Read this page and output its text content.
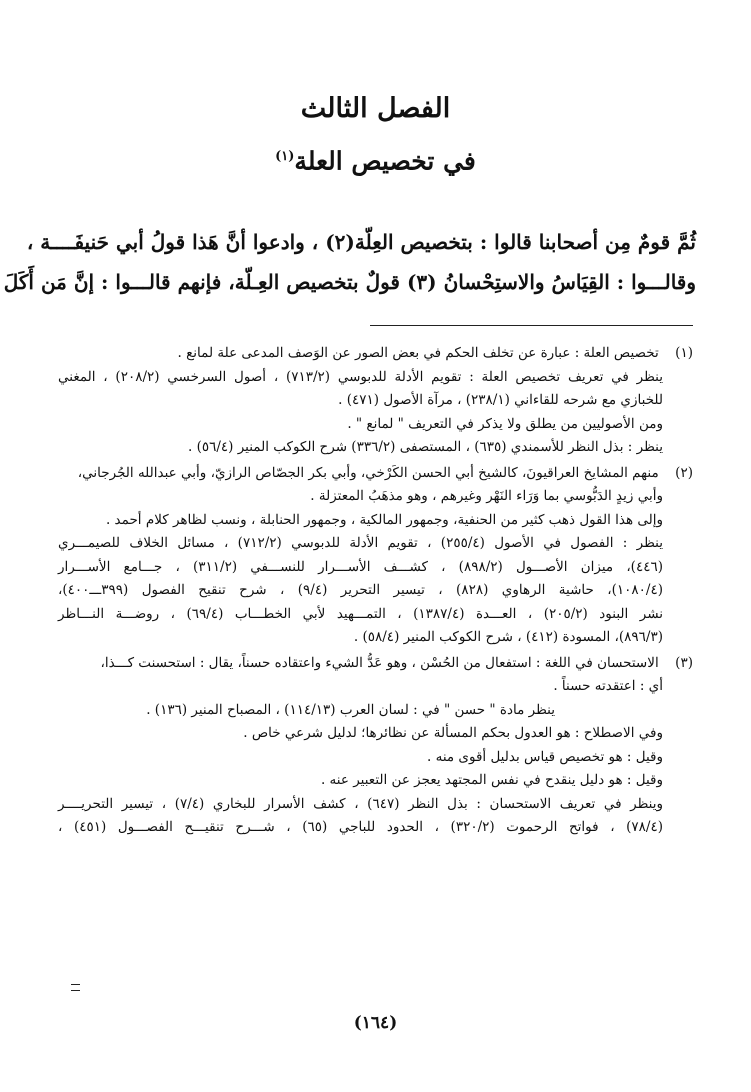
الفصل الثالث
في تخصيص العلة$^{(١)}$
ثُمَّ قومٌ مِن أصحابنا قالوا : بتخصيص العِلّة(٢) ، وادعوا أنَّ هَذا قولُ أبي حَنيفَــــة ،
وقالـــوا : القِيَاسُ والاستِحْسانُ (٣) قولٌ بتخصيص العِـلّة، فإنهم قالـــوا : إنَّ مَن أَكَلَ
(١) تخصيص العلة : عبارة عن تخلف الحكم في بعض الصور عن الوَصف المدعى علة لمانع .
ينظر في تعريف تخصيص العلة : تقويم الأدلة للدبوسي (٧١٣/٢) ، أصول السرخسي (٢٠٨/٢) ، المغني
للخبازي مع شرحه للقاءاني (٢٣٨/١) ، مرآة الأصول (٤٧١) .
ومن الأصوليين من يطلق ولا يذكر في التعريف " لمانع " .
ينظر : بذل النظر للأسمندي (٦٣٥) ، المستصفى (٣٣٦/٢) شرح الكوكب المنير (٥٦/٤) .
(٢) منهم المشايخ العراقيونَ، كالشيخ أبي الحسن الكَرْخي، وأبي بكر الجصّاص الرازيّ، وأبي عبدالله الجُرجاني،
وأبي زيدٍ الدَبُّوسي بما وَرَاء النَهْر وغيرهم ، وهو مذهَبُ المعتزلة .
وإلى هذا القول ذهب كثير من الحنفية، وجمهور المالكية ، وجمهور الحنابلة ، ونسب لظاهر كلام أحمد .
ينظر : الفصول في الأصول (٢٥٥/٤) ، تقويم الأدلة للدبوسي (٧١٢/٢) ، مسائل الخلاف للصيمـــري
(٤٤٦)، ميزان الأصـــول (٨٩٨/٢) ، كشـــف الأســـرار للنســـفي (٣١١/٢) ، جـــامع الأســـرار
(١٠٨٠/٤)، حاشية الرهاوي (٨٢٨) ، تيسير التحرير (٩/٤) ، شرح تنقيح الفصول (٣٩٩ـــ٤٠٠)،
نشر البنود (٢٠٥/٢) ، العـــدة (١٣٨٧/٤) ، التمـــهيد لأبي الخطـــاب (٦٩/٤) ، روضـــة النـــاظر
(٨٩٦/٣)، المسودة (٤١٢) ، شرح الكوكب المنير (٥٨/٤) .
(٣) الاستحسان في اللغة : استفعال من الحُسْن ، وهو عَدُّ الشيء واعتقاده حسناً، يقال : استحسنت كـــذا،
أي : اعتقدته حسناً .
ينظر مادة " حسن " في : لسان العرب (١١٤/١٣) ، المصباح المنير (١٣٦) .
وفي الاصطلاح : هو العدول بحكم المسألة عن نظائرها؛ لدليل شرعي خاص .
وقيل : هو تخصيص قياس بدليل أقوى منه .
وقيل : هو دليل ينقدح في نفس المجتهد يعجز عن التعبير عنه .
وينظر في تعريف الاستحسان : بذل النظر (٦٤٧) ، كشف الأسرار للبخاري (٧/٤) ، تيسير التحريــــر
(٧٨/٤) ، فواتح الرحموت (٣٢٠/٢) ، الحدود للباجي (٦٥) ، شـــرح تنقيـــح الفصـــول (٤٥١) ،
(١٦٤)
